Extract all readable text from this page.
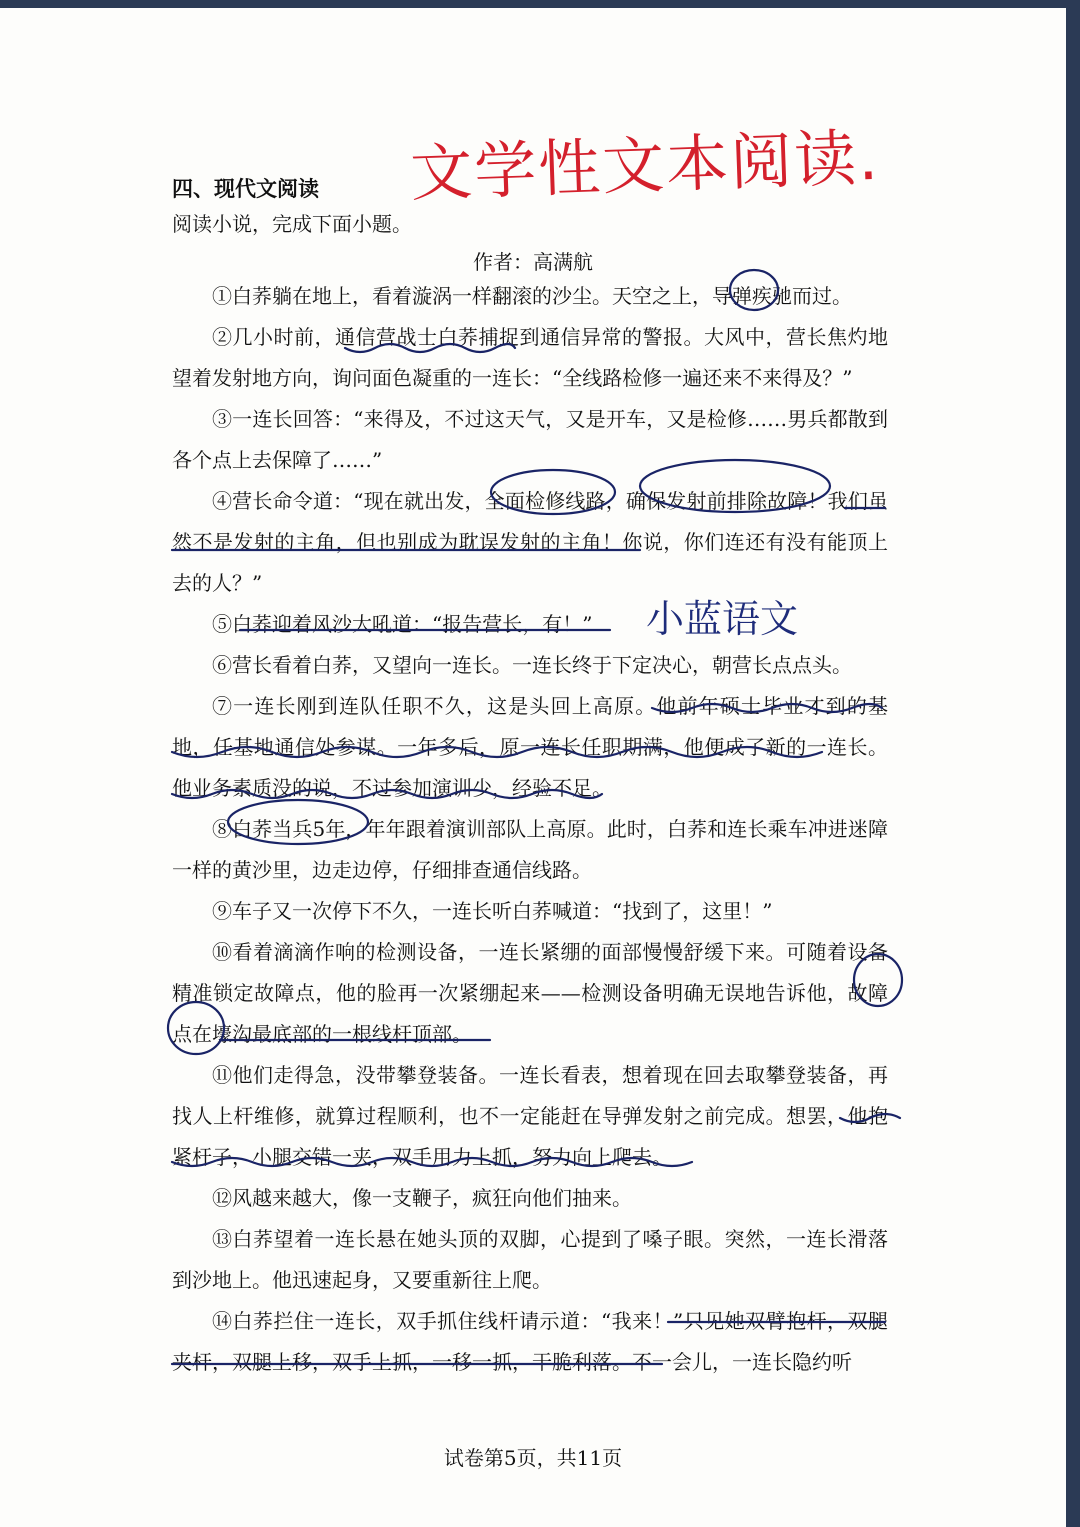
文学性文本阅读.
四、现代文阅读
阅读小说，完成下面小题。
作者：高满航

①白荞躺在地上，看着漩涡一样翻滚的沙尘。天空之上，导弹疾驰而过。

②几小时前，通信营战士白荞捕捉到通信异常的警报。大风中，营长焦灼地望着发射地方向，询问面色凝重的一连长：“全线路检修一遍还来不来得及？”

③一连长回答：“来得及，不过这天气，又是开车，又是检修……男兵都散到各个点上去保障了……”

④营长命令道：“现在就出发，全面检修线路，确保发射前排除故障！我们虽然不是发射的主角，但也别成为耽误发射的主角！你说，你们连还有没有能顶上去的人？”

⑤白荞迎着风沙大吼道：“报告营长，有！”

⑥营长看着白荞，又望向一连长。一连长终于下定决心，朝营长点点头。

⑦一连长刚到连队任职不久，这是头回上高原。他前年硕士毕业才到的基地，任基地通信处参谋。一年多后，原一连长任职期满，他便成了新的一连长。他业务素质没的说，不过参加演训少，经验不足。

⑧白荞当兵5年，年年跟着演训部队上高原。此时，白荞和连长乘车冲进迷障一样的黄沙里，边走边停，仔细排查通信线路。

⑨车子又一次停下不久，一连长听白荞喊道：“找到了，这里！”

⑩看着滴滴作响的检测设备，一连长紧绷的面部慢慢舒缓下来。可随着设备精准锁定故障点，他的脸再一次紧绷起来——检测设备明确无误地告诉他，故障点在壕沟最底部的一根线杆顶部。

⑪他们走得急，没带攀登装备。一连长看表，想着现在回去取攀登装备，再找人上杆维修，就算过程顺利，也不一定能赶在导弹发射之前完成。想罢，他抱紧杆子，小腿交错一夹，双手用力上抓，努力向上爬去。

⑫风越来越大，像一支鞭子，疯狂向他们抽来。

⑬白荞望着一连长悬在她头顶的双脚，心提到了嗓子眼。突然，一连长滑落到沙地上。他迅速起身，又要重新往上爬。

⑭白荞拦住一连长，双手抓住线杆请示道：“我来！”只见她双臂抱杆，双腿夹杆，双腿上移，双手上抓，一移一抓，干脆利落。不一会儿，一连长隐约听

小蓝语文
试卷第5页，共11页
